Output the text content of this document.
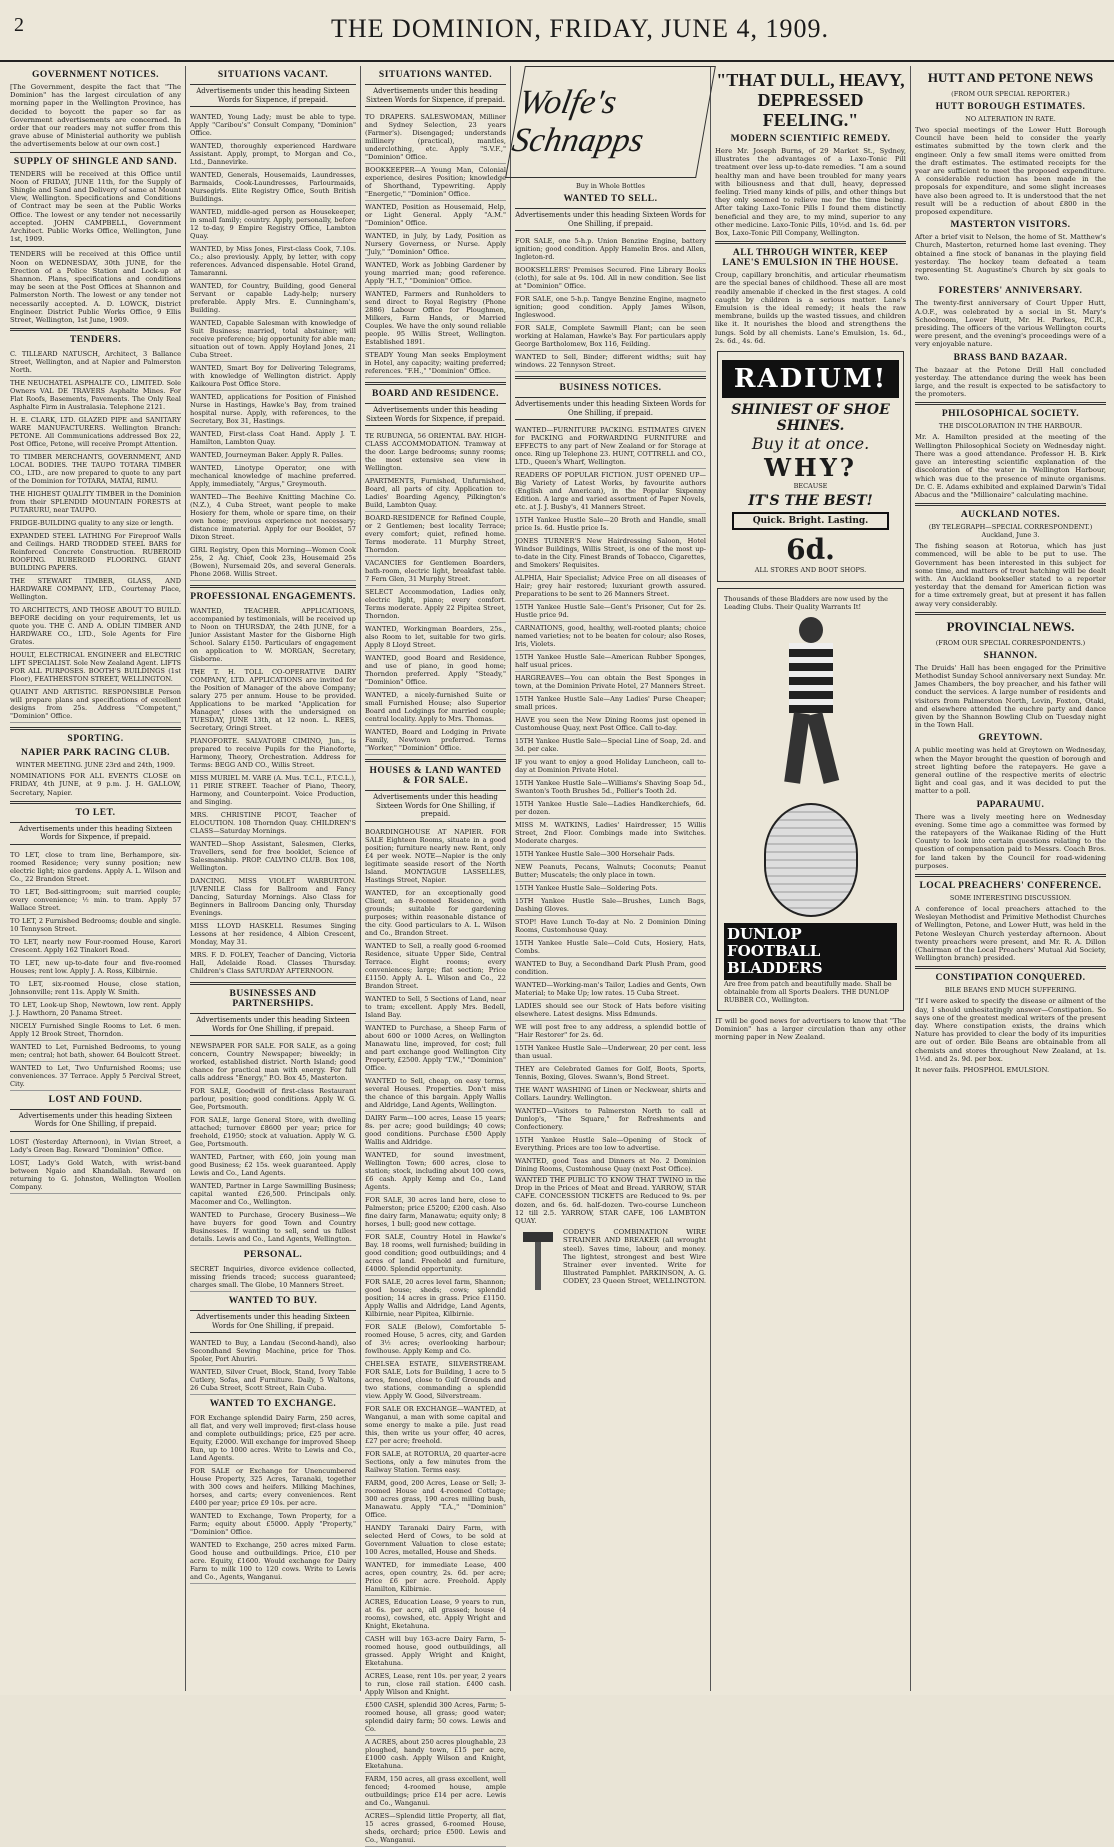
2	THE DOMINION, FRIDAY, JUNE 4, 1909.
GOVERNMENT NOTICES.

[The Government, despite the fact that "The Dominion" has the largest circulation of any morning paper in the Wellington Province, has decided to boycott the paper so far as Government advertisements are concerned. In order that our readers may not suffer from this grave abuse of Ministerial authority we publish the advertisements below at our own cost.]

SUPPLY OF SHINGLE AND SAND.

TENDERS will be received at this Office until Noon of FRIDAY, JUNE 11th, for the Supply of Shingle and Sand and Delivery of same at Mount View, Wellington. Specifications and Conditions of Contract may be seen at the Public Works Office. The lowest or any tender not necessarily accepted. JOHN CAMPBELL, Government Architect. Public Works Office, Wellington, June 1st, 1909.

TENDERS will be received at this Office until Noon on WEDNESDAY, 30th JUNE, for the Erection of a Police Station and Lock-up at Shannon. Plans, specifications and conditions may be seen at the Post Offices at Shannon and Palmerston North. The lowest or any tender not necessarily accepted. A. D. LOWCK, District Engineer. District Public Works Office, 9 Ellis Street, Wellington, 1st June, 1909.

TENDERS.

C. TILLEARD NATUSCH, Architect, 3 Ballance Street, Wellington, and at Napier and Palmerston North.

THE NEUCHATEL ASPHALTE CO., LIMITED. Sole Owners VAL DE TRAVERS Asphalte Mines. For Flat Roofs, Basements, Pavements. The Only Real Asphalte Firm in Australasia. Telephone 2121.

H. E. CLARK, LTD. GLAZED PIPE and SANITARY WARE MANUFACTURERS. Wellington Branch: PETONE. All Communications addressed Box 22, Post Office, Petone, will receive Prompt Attention.

TO TIMBER MERCHANTS, GOVERNMENT, AND LOCAL BODIES. THE TAUPO TOTARA TIMBER CO., LTD., are now prepared to quote to any part of the Dominion for TOTARA, MATAI, RIMU.

THE HIGHEST QUALITY TIMBER in the Dominion from their SPLENDID MOUNTAIN FORESTS at PUTARURU, near TAUPO.

FRIDGE-BUILDING quality to any size or length.

EXPANDED STEEL LATHING For Fireproof Walls and Ceilings. HARD TRODDED STEEL BARS for Reinforced Concrete Construction. RUBEROID ROOFING. RUBEROID FLOORING. GIANT BUILDING PAPERS.

THE STEWART TIMBER, GLASS, AND HARDWARE COMPANY, LTD., Courtenay Place, Wellington.

TO ARCHITECTS, AND THOSE ABOUT TO BUILD. BEFORE deciding on your requirements, let us quote you. THE C. AND A. ODLIN TIMBER AND HARDWARE CO., LTD., Sole Agents for Fire Grates.

HOULT, ELECTRICAL ENGINEER and ELECTRIC LIFT SPECIALIST. Sole New Zealand Agent. LIFTS FOR ALL PURPOSES. BOOTH'S BUILDINGS (1st Floor), FEATHERSTON STREET, WELLINGTON.

QUAINT AND ARTISTIC. RESPONSIBLE Person will prepare plans and specifications of excellent designs from 25s. Address "Competent," "Dominion" Office.

SPORTING.
NAPIER PARK RACING CLUB.

WINTER MEETING. JUNE 23rd and 24th, 1909.

NOMINATIONS FOR ALL EVENTS CLOSE on FRIDAY, 4th JUNE, at 9 p.m. J. H. GALLOW, Secretary, Napier.

TO LET.

Advertisements under this heading Sixteen Words for Sixpence, if prepaid.

TO LET, close to tram line, Berhampore, six-roomed Residence; very sunny position; new electric light; nice gardens. Apply A. L. Wilson and Co., 22 Brandon Street.

TO LET, Bed-sittingroom; suit married couple; every convenience; ½ min. to tram. Apply 57 Wallace Street.

TO LET, 2 Furnished Bedrooms; double and single. 10 Tennyson Street.

TO LET, nearly new Four-roomed House, Karori Crescent. Apply 162 Tinakori Road.

TO LET, new up-to-date four and five-roomed Houses; rent low. Apply J. A. Ross, Kilbirnie.

TO LET, six-roomed House, close station, Johnsonville; rent 11s. Apply W. Smith.

TO LET, Look-up Shop, Newtown, low rent. Apply J. J. Hawthorn, 20 Panama Street.

NICELY Furnished Single Rooms to Let. 6 men. Apply 12 Brook Street, Thorndon.

WANTED to Let, Furnished Bedrooms, to young men; central; hot bath, shower. 64 Boulcott Street.

WANTED to Let, Two Unfurnished Rooms; use conveniences. 37 Terrace. Apply 5 Percival Street, City.

LOST AND FOUND.

Advertisements under this heading Sixteen Words for One Shilling, if prepaid.

LOST (Yesterday Afternoon), in Vivian Street, a Lady's Green Bag. Reward "Dominion" Office.

LOST, Lady's Gold Watch, with wrist-band between Ngaio and Khandallah. Reward on returning to G. Johnston, Wellington Woollen Company.

SITUATIONS VACANT.

Advertisements under this heading Sixteen Words for Sixpence, if prepaid.

WANTED, Young Lady; must be able to type. Apply "Caribou's" Consult Company, "Dominion" Office.

WANTED, thoroughly experienced Hardware Assistant. Apply, prompt, to Morgan and Co., Ltd., Dannevirke.

WANTED, Generals, Housemaids, Laundresses, Barmaids, Cook-Laundresses, Parlourmaids, Nursegirls. Elite Registry Office, South British Buildings.

WANTED, middle-aged person as Housekeeper, in small family; country. Apply, personally, before 12 to-day, 9 Empire Registry Office, Lambton Quay.

WANTED, by Miss Jones, First-class Cook, 7.10s. Co.; also previously. Apply, by letter, with copy references. Advanced dispensable. Hotel Grand, Tamaranni.

WANTED, for Country, Building, good General Servant or capable Lady-help; nursery preferable. Apply Mrs. E. Cunningham's, Building.

WANTED, Capable Salesman with knowledge of Suit Business; married, total abstainer; will receive preference; big opportunity for able man; situation out of town. Apply Hoyland Jones, 21 Cuba Street.

WANTED, Smart Boy for Delivering Telegrams, with knowledge of Wellington district. Apply Kaikoura Post Office Store.

WANTED, applications for Position of Finished Nurse in Hastings, Hawke's Bay, from trained hospital nurse. Apply, with references, to the Secretary, Box 31, Hastings.

WANTED, First-class Coat Hand. Apply J. T. Hamilton, Lambton Quay.

WANTED, Journeyman Baker. Apply R. Palles.

WANTED, Linotype Operator, one with mechanical knowledge of machine preferred. Apply, immediately, "Argus," Greymouth.

WANTED—The Beehive Knitting Machine Co. (N.Z.), 4 Cuba Street, want people to make Hosiery for them, whole or spare time, on their own home; previous experience not necessary; distance immaterial. Apply for our Booklet, 57 Dixon Street.

GIRL Registry, Open this Morning—Women Cook 25s, 2 Ag. Chief, Cook 23s, Housemaid 25s (Bowen), Nursemaid 20s, and several Generals. Phone 2068. Willis Street.

PROFESSIONAL ENGAGEMENTS.

WANTED, TEACHER. APPLICATIONS, accompanied by testimonials, will be received up to Noon on THURSDAY, the 24th JUNE, for a Junior Assistant Master for the Gisborne High School. Salary £150. Particulars of engagement on application to W. MORGAN, Secretary, Gisborne.

THE T. H. TOLL CO-OPERATIVE DAIRY COMPANY, LTD. APPLICATIONS are invited for the Position of Manager of the above Company; salary 275 per annum. House to be provided. Applications to be marked "Application for Manager," closes with the undersigned on TUESDAY, JUNE 13th, at 12 noon. L. REES, Secretary, Oringi Street.

PIANOFORTE. SALVATORE CIMINO, Jun., is prepared to receive Pupils for the Pianoforte, Harmony, Theory, Orchestration. Address for Terms: BEGG AND CO., Willis Street.

MISS MURIEL M. VARE (A. Mus. T.C.L., F.T.C.L.), 11 PIRIE STREET. Teacher of Piano, Theory, Harmony, and Counterpoint. Voice Production, and Singing.

MRS. CHRISTINE PICOT, Teacher of ELOCUTION. 108 Thorndon Quay. CHILDREN'S CLASS—Saturday Mornings.

WANTED—Shop Assistant, Salesmen, Clerks, Travellers, send for free booklet, Science of Salesmanship. PROP. CALVINO CLUB. Box 108, Wellington.

DANCING. MISS VIOLET WARBURTON. JUVENILE Class for Ballroom and Fancy Dancing, Saturday Mornings. Also Class for Beginners in Ballroom Dancing only, Thursday Evenings.

MISS LLOYD HASKELL Resumes Singing Lessons at her residence, 4 Albion Crescent, Monday, May 31.

MRS. F. D. FOLEY, Teacher of Dancing, Victoria Hall, Adelaide Road. Classes Thursday. Children's Class SATURDAY AFTERNOON.

BUSINESSES AND PARTNERSHIPS.

Advertisements under this heading Sixteen Words for One Shilling, if prepaid.

NEWSPAPER FOR SALE. FOR SALE, as a going concern, Country Newspaper; biweekly; in worked, established district. North Island; good chance for practical man with energy. For full calls address "Energy," P.O. Box 45, Masterton.

FOR SALE, Goodwill of first-class Restaurant parlour, position; good conditions. Apply W. G. Gee, Portsmouth.

FOR SALE, large General Store, with dwelling attached; turnover £8600 per year; price for freehold, £1950; stock at valuation. Apply W. G. Gee, Portsmouth.

WANTED, Partner, with £60, join young man good Business; £2 15s. week guaranteed. Apply Lewis and Co., Land Agents.

WANTED, Partner in Large Sawmilling Business; capital wanted £26,500. Principals only. Macomer and Co., Wellington.

WANTED to Purchase, Grocery Business—We have buyers for good Town and Country Businesses. If wanting to sell, send us fullest details. Lewis and Co., Land Agents, Wellington.

PERSONAL.

SECRET Inquiries, divorce evidence collected, missing friends traced; success guaranteed; charges small. The Globe, 10 Manners Street.

WANTED TO BUY.

Advertisements under this heading Sixteen Words for One Shilling, if prepaid.

WANTED to Buy, a Landau (Second-hand), also Secondhand Sewing Machine, price for Thos. Spoler, Port Ahuriri.

WANTED, Silver Cruet, Block, Stand, Ivory Table Cutlery, Sofas, and Furniture. Daily, 5 Waltons, 26 Cuba Street, Scott Street, Rain Cuba.

WANTED TO EXCHANGE.

FOR Exchange splendid Dairy Farm, 250 acres, all flat, and very well improved; first-class house and complete outbuildings; price, £25 per acre. Equity, £2000. Will exchange for improved Sheep Run, up to 1000 acres. Write to Lewis and Co., Land Agents.

FOR SALE or Exchange for Unencumbered House Property, 325 Acres, Taranaki, together with 300 cows and heifers. Milking Machines, horses, and carts; every conveniences. Rent £400 per year; price £9 10s. per acre.

WANTED to Exchange, Town Property, for a Farm; equity about £5000. Apply "Property," "Dominion" Office.

WANTED to Exchange, 250 acres mixed Farm. Good house and outbuildings. Price, £10 per acre. Equity, £1600. Would exchange for Dairy Farm to milk 100 to 120 cows. Write to Lewis and Co., Agents, Wanganui.

SITUATIONS WANTED.

Advertisements under this heading Sixteen Words for Sixpence, if prepaid.

TO DRAPERS. SALESWOMAN, Milliner and Sydney Selection, 23 years (Farmer's). Disengaged; understands millinery (practical), mantles, underclothing, etc. Apply "S.V.F.," "Dominion" Office.

BOOKKEEPER—A Young Man, Colonial experience, desires Position; knowledge of Shorthand, Typewriting. Apply "Energetic," "Dominion" Office.

WANTED, Position as Housemaid, Help, or Light General. Apply "A.M." "Dominion" Office.

WANTED, in July, by Lady, Position as Nursery Governess, or Nurse. Apply "July," "Dominion" Office.

WANTED, Work as Jobbing Gardener by young married man; good reference. Apply "H.T.," "Dominion" Office.

WANTED, Farmers and Runholders to send direct to Royal Registry (Phone 2886) Labour Office for Ploughmen, Milkers, Farm Hands, or Married Couples. We have the only sound reliable people. 95 Willis Street, Wellington. Established 1891.

STEADY Young Man seeks Employment in Hotel, any capacity; waiting preferred; references. "F.H.," "Dominion" Office.

BOARD AND RESIDENCE.

Advertisements under this heading Sixteen Words for Sixpence, if prepaid.

TE RUBUNGA, 56 ORIENTAL BAY. HIGH-CLASS ACCOMMODATION. Tramway at the door. Large bedrooms; sunny rooms; the most extensive sea view in Wellington.

APARTMENTS, Furnished, Unfurnished, Board, all parts of city. Application to: Ladies' Boarding Agency, Pilkington's Build, Lambton Quay.

BOARD-RESIDENCE for Refined Couple, or 2 Gentlemen; best locality Terrace; every comfort; quiet, refined home. Terms moderate. 11 Murphy Street, Thorndon.

VACANCIES for Gentlemen Boarders, bath-room, electric light, breakfast table. 7 Fern Glen, 31 Murphy Street.

SELECT Accommodation, Ladies only, electric light, piano; every comfort. Terms moderate. Apply 22 Pipitea Street, Thorndon.

WANTED, Workingman Boarders, 25s., also Room to let, suitable for two girls. Apply 8 Lloyd Street.

WANTED, good Board and Residence, and use of piano, in good home; Thorndon preferred. Apply "Steady," "Dominion" Office.

WANTED, a nicely-furnished Suite or small Furnished House; also Superior Board and Lodgings for married couple; central locality. Apply to Mrs. Thomas.

WANTED, Board and Lodging in Private Family, Newtown preferred. Terms "Worker," "Dominion" Office.

HOUSES & LAND WANTED & FOR SALE.

Advertisements under this heading Sixteen Words for One Shilling, if prepaid.

BOARDINGHOUSE AT NAPIER. FOR SALE Eighteen Rooms, situate in a good position; furniture nearly new. Rent, only £4 per week. NOTE—Napier is the only legitimate seaside resort of the North Island. MONTAGUE LASSELLES, Hastings Street, Napier.

WANTED, for an exceptionally good Client, an 8-roomed Residence, with grounds; suitable for gardening purposes; within reasonable distance of the city. Good particulars to A. L. Wilson and Co., Brandon Street.

WANTED to Sell, a really good 6-roomed Residence, situate Upper Side, Central Terrace. Eight rooms; every conveniences; large; flat section; Price £1150. Apply A. L. Wilson and Co., 22 Brandon Street.

WANTED to Sell, 5 Sections of Land, near to tram; excellent. Apply Mrs. Bedell, Island Bay.

WANTED to Purchase, a Sheep Farm of about 600 or 1000 Acres, on Wellington Manawatu line, improved, for cost; full and part exchange good Wellington City Property, £2500. Apply "T.W.," "Dominion" Office.

WANTED to Sell, cheap, on easy terms, several Houses. Properties. Don't miss the chance of this bargain. Apply Wallis and Aldridge, Land Agents, Wellington.

DAIRY Farm—100 acres, Lease 15 years; 8s. per acre; good buildings; 40 cows; good conditions. Purchase £500 Apply Wallis and Aldridge.

WANTED, for sound investment, Wellington Town; 600 acres, close to station; stock, including about 100 cows, £6 cash. Apply Kemp and Co., Land Agents.

FOR SALE, 30 acres land here, close to Palmerston; price £5200; £200 cash. Also fine dairy farm, Manawatu; equity only; 8 horses, 1 bull; good new cottage.

FOR SALE, Country Hotel in Hawke's Bay. 18 rooms, well furnished; building in good condition; good outbuildings; and 4 acres of land. Freehold and furniture, £4000. Splendid opportunity.

FOR SALE, 20 acres level farm, Shannon; good house; sheds; cows; splendid position; 14 acres in grass. Price £1150. Apply Wallis and Aldridge, Land Agents, Kilbirnie, near Pipitea, Kilbirnie.

FOR SALE (Below), Comfortable 5-roomed House, 5 acres, city, and Garden of 3½ acres; overlooking harbour; fowlhouse. Apply Kemp and Co.

CHELSEA ESTATE, SILVERSTREAM. FOR SALE, Lots for Building, 1 acre to 5 acres, fenced, close to Gulf Grounds and two stations, commanding a splendid view. Apply W. Good, Silverstream.

FOR SALE OR EXCHANGE—WANTED, at Wanganui, a man with some capital and some energy to make a pile. Just read this, then write us your offer, 40 acres, £27 per acre; freehold.

FOR SALE, at ROTORUA, 20 quarter-acre Sections, only a few minutes from the Railway Station. Terms easy.

FARM, good, 200 Acres, Lease or Sell; 3-roomed House and 4-roomed Cottage; 300 acres grass, 190 acres milling bush, Manawatu. Apply "T.A.," "Dominion" Office.

HANDY Taranaki Dairy Farm, with selected Herd of Cows, to be sold at Government Valuation to close estate; 100 Acres, metalled, House and Sheds.

WANTED, for immediate Lease, 400 acres, open country, 2s. 6d. per acre; Price £6 per acre. Freehold. Apply Hamilton, Kilbirnie.

ACRES, Education Lease, 9 years to run, at 6s. per acre, all grassed; house (4 rooms), cowshed, etc. Apply Wright and Knight, Eketahuna.

CASH will buy 163-acre Dairy Farm, 5-roomed house, good outbuildings, all grassed. Apply Wright and Knight, Eketahuna.

ACRES, Lease, rent 10s. per year, 2 years to run, close rail station. £400 cash. Apply Wilson and Knight.

£500 CASH, splendid 300 Acres, Farm; 5-roomed house, all grass; good water; splendid dairy farm; 50 cows. Lewis and Co.

A ACRES, about 250 acres ploughable, 23 ploughed, handy town, £15 per acre, £1000 cash. Apply Wilson and Knight, Eketahuna.

FARM, 150 acres, all grass excellent, well fenced; 4-roomed house, ample outbuildings; price £14 per acre. Lewis and Co., Wanganui.

ACRES—Splendid little Property, all flat, 15 acres grassed, 6-roomed House, sheds, orchard; price £500. Lewis and Co., Wanganui.

Wolfe's Schnapps

Buy in Whole Bottles

WANTED TO SELL.

Advertisements under this heading Sixteen Words for One Shilling, if prepaid.

FOR SALE, one 5-h.p. Union Benzine Engine, battery ignition; good condition. Apply Hamelin Bros. and Allen, Ingleton-rd.

BOOKSELLERS' Premises Secured. Fine Library Books (cloth), for sale at 9s. 10d. All in new condition. See list at "Dominion" Office.

FOR SALE, one 5-h.p. Tangye Benzine Engine, magneto ignition; good condition. Apply James Wilson, Ingleswood.

FOR SALE, Complete Sawmill Plant; can be seen working at Halaman, Hawke's Bay. For particulars apply George Bartholomew, Box 116, Feilding.

WANTED to Sell, Binder; different widths; suit hay windows. 22 Tennyson Street.

BUSINESS NOTICES.

Advertisements under this heading Sixteen Words for One Shilling, if prepaid.

WANTED—FURNITURE PACKING. ESTIMATES GIVEN for PACKING and FORWARDING FURNITURE and EFFECTS to any part of New Zealand or for Storage at once. Ring up Telephone 23. HUNT, COTTRELL and CO., LTD., Queen's Wharf, Wellington.

READERS OF POPULAR FICTION. JUST OPENED UP—Big Variety of Latest Works, by favourite authors (English and American), in the Popular Sixpenny Edition. A large and varied assortment of Paper Novels, etc. at J. J. Busby's, 41 Manners Street.

15TH Yankee Hustle Sale—20 Broth and Handle, small price Is. 6d. Hustle price Is.

JONES TURNER'S New Hairdressing Saloon, Hotel Windsor Buildings, Willis Street, is one of the most up-to-date in the City. Finest Brands of Tobacco, Cigarettes, and Smokers' Requisites.

ALPHIA, Hair Specialist; Advice Free on all diseases of Hair; grey hair restored; luxuriant growth assured. Preparations to be sent to 26 Manners Street.

15TH Yankee Hustle Sale—Gent's Prisoner, Cut for 2s. Hustle price 9d.

CARNATIONS, good, healthy, well-rooted plants; choice named varieties; not to be beaten for colour; also Roses, Iris, Violets.

15TH Yankee Hustle Sale—American Rubber Sponges, half usual prices.

HARGREAVES—You can obtain the Best Sponges in town, at the Dominion Private Hotel, 27 Manners Street.

15TH Yankee Hustle Sale—Any Ladies' Purse Cheaper; small prices.

HAVE you seen the New Dining Rooms just opened in Customhouse Quay, next Post Office. Call to-day.

15TH Yankee Hustle Sale—Special Line of Soap, 2d. and 3d. per cake.

IF you want to enjoy a good Holiday Luncheon, call to-day at Dominion Private Hotel.

15TH Yankee Hustle Sale—Williams's Shaving Soap 5d., Swanton's Tooth Brushes 5d., Pollier's Tooth 2d.

15TH Yankee Hustle Sale—Ladies Handkerchiefs, 6d. per dozen.

MISS M. WATKINS, Ladies' Hairdresser, 15 Willis Street, 2nd Floor. Combings made into Switches. Moderate charges.

15TH Yankee Hustle Sale—300 Horsehair Pads.

NEW Peanuts, Pecans, Walnuts; Coconuts; Peanut Butter; Muscatels; the only place in town.

15TH Yankee Hustle Sale—Soldering Pots.

15TH Yankee Hustle Sale—Brushes, Lunch Bags, Dashing Gloves.

STOP! Have Lunch To-day at No. 2 Dominion Dining Rooms, Customhouse Quay.

15TH Yankee Hustle Sale—Cold Cuts, Hosiery, Hats, Combs.

WANTED to Buy, a Secondhand Dark Plush Pram, good condition.

WANTED—Working-man's Tailor, Ladies and Gents, Own Material; to Make Up; low rates. 15 Cuba Street.

LADIES should see our Stock of Hats before visiting elsewhere. Latest designs. Miss Edmunds.

WE will post free to any address, a splendid bottle of "Hair Restorer" for 2s. 6d.

15TH Yankee Hustle Sale—Underwear, 20 per cent. less than usual.

THEY are Celebrated Games for Golf, Boots, Sports, Tennis, Boxing, Gloves. Swann's, Bond Street.

THE WANT WASHING of Linen or Neckwear, shirts and Collars. Laundry. Wellington.

WANTED—Visitors to Palmerston North to call at Dunlop's, "The Square," for Refreshments and Confectionery.

15TH Yankee Hustle Sale—Opening of Stock of Everything. Prices are too low to advertise.

WANTED, good Teas and Dinners at No. 2 Dominion Dining Rooms, Customhouse Quay (next Post Office).

WANTED THE PUBLIC TO KNOW THAT TWINO in the Drop in the Prices of Meat and Bread. YARROW, STAR CAFE. CONCESSION TICKETS are Reduced to 9s. per dozen, and 6s. 6d. half-dozen. Two-course Luncheon 12 till 2.5. YARROW, STAR CAFE, 106 LAMBTON QUAY.

CODEY'S COMBINATION WIRE STRAINER AND BREAKER (all wrought steel). Saves time, labour, and money. The lightest, strongest and best Wire Strainer ever invented. Write for Illustrated Pamphlet. PARKINSON, A. G. CODEY, 23 Queen Street, WELLINGTON.

"THAT DULL, HEAVY, DEPRESSED FEELING."
MODERN SCIENTIFIC REMEDY.

Here Mr. Joseph Burns, of 29 Market St., Sydney, illustrates the advantages of a Laxo-Tonic Pill treatment over less up-to-date remedies. "I am a sound healthy man and have been troubled for many years with biliousness and that dull, heavy, depressed feeling. Tried many kinds of pills, and other things but they only seemed to relieve me for the time being. After taking Laxo-Tonic Pills I found them distinctly beneficial and they are, to my mind, superior to any other medicine. Laxo-Tonic Pills, 10½d. and 1s. 6d. per Box, Laxo-Tonic Pill Company, Wellington.

ALL THROUGH WINTER, KEEP LANE'S EMULSION IN THE HOUSE.

Croup, capillary bronchitis, and articular rheumatism are the special banes of childhood. These all are most readily amenable if checked in the first stages. A cold caught by children is a serious matter. Lane's Emulsion is the ideal remedy; it heals the raw membrane, builds up the wasted tissues, and children like it. It nourishes the blood and strengthens the lungs. Sold by all chemists. Lane's Emulsion, 1s. 6d., 2s. 6d., 4s. 6d.

RADIUM!
SHINIEST OF SHOE SHINES.
Buy it at once.
WHY?
BECAUSE
IT'S THE BEST!
Quick. Bright. Lasting.
6d.
ALL STORES AND BOOT SHOPS.
Thousands of these Bladders are now used by the Leading Clubs. Their Quality Warrants It!
DUNLOP FOOTBALL BLADDERS
Are free from patch and beautifully made. Shall be obtainable from all Sports Dealers. THE DUNLOP RUBBER CO., Wellington.

IT will be good news for advertisers to know that "The Dominion" has a larger circulation than any other morning paper in New Zealand.

HUTT AND PETONE NEWS

(FROM OUR SPECIAL REPORTER.)

HUTT BOROUGH ESTIMATES.

NO ALTERATION IN RATE.

Two special meetings of the Lower Hutt Borough Council have been held to consider the yearly estimates submitted by the town clerk and the engineer. Only a few small items were omitted from the draft estimates. The estimated receipts for the year are sufficient to meet the proposed expenditure. A considerable reduction has been made in the proposals for expenditure, and some slight increases have also been agreed to. It is understood that the net result will be a reduction of about £800 in the proposed expenditure.

MASTERTON VISITORS.

After a brief visit to Nelson, the home of St. Matthew's Church, Masterton, returned home last evening. They obtained a fine stock of bananas in the playing field yesterday. The hockey team defeated a team representing St. Augustine's Church by six goals to two.

FORESTERS' ANNIVERSARY.

The twenty-first anniversary of Court Upper Hutt, A.O.F., was celebrated by a social in St. Mary's Schoolroom, Lower Hutt, Mr. H. Parkes, P.C.R., presiding. The officers of the various Wellington courts were present, and the evening's proceedings were of a very enjoyable nature.

BRASS BAND BAZAAR.

The bazaar at the Petone Drill Hall concluded yesterday. The attendance during the week has been large, and the result is expected to be satisfactory to the promoters.

PHILOSOPHICAL SOCIETY.

THE DISCOLORATION IN THE HARBOUR.

Mr. A. Hamilton presided at the meeting of the Wellington Philosophical Society on Wednesday night. There was a good attendance. Professor H. B. Kirk gave an interesting scientific explanation of the discoloration of the water in Wellington Harbour, which was due to the presence of minute organisms. Dr. C. E. Adams exhibited and explained Darwin's Tidal Abacus and the "Millionaire" calculating machine.

AUCKLAND NOTES.

(BY TELEGRAPH—SPECIAL CORRESPONDENT.) Auckland, June 3.

The fishing season at Rotorua, which has just commenced, will be able to be put to use. The Government has been interested in this subject for some time, and matters of trout hatching will be dealt with. An Auckland bookseller stated to a reporter yesterday that the demand for American fiction was for a time extremely great, but at present it has fallen away very considerably.

PROVINCIAL NEWS.

(FROM OUR SPECIAL CORRESPONDENTS.)

SHANNON.

The Druids' Hall has been engaged for the Primitive Methodist Sunday School anniversary next Sunday. Mr. James Chambers, the boy preacher, and his father will conduct the services. A large number of residents and visitors from Palmerston North, Levin, Foxton, Otaki, and elsewhere attended the euchre party and dance given by the Shannon Bowling Club on Tuesday night in the Town Hall.

GREYTOWN.

A public meeting was held at Greytown on Wednesday, when the Mayor brought the question of borough and street lighting before the ratepayers. He gave a general outline of the respective merits of electric light and coal gas, and it was decided to put the matter to a poll.

PAPARAUMU.

There was a lively meeting here on Wednesday evening. Some time ago a committee was formed by the ratepayers of the Waikanae Riding of the Hutt County to look into certain questions relating to the question of compensation paid to Messrs. Coach Bros. for land taken by the Council for road-widening purposes.

LOCAL PREACHERS' CONFERENCE.

SOME INTERESTING DISCUSSION.

A conference of local preachers attached to the Wesleyan Methodist and Primitive Methodist Churches of Wellington, Petone, and Lower Hutt, was held in the Petone Wesleyan Church yesterday afternoon. About twenty preachers were present, and Mr. R. A. Dillon (Chairman of the Local Preachers' Mutual Aid Society, Wellington branch) presided.

CONSTIPATION CONQUERED.

BILE BEANS END MUCH SUFFERING.

"If I were asked to specify the disease or ailment of the day, I should unhesitatingly answer—Constipation. So says one of the greatest medical writers of the present day. Where constipation exists, the drains which Nature has provided to clear the body of its impurities are out of order. Bile Beans are obtainable from all chemists and stores throughout New Zealand, at 1s. 1½d. and 2s. 9d. per box.

It never fails. PHOSPHOL EMULSION.
